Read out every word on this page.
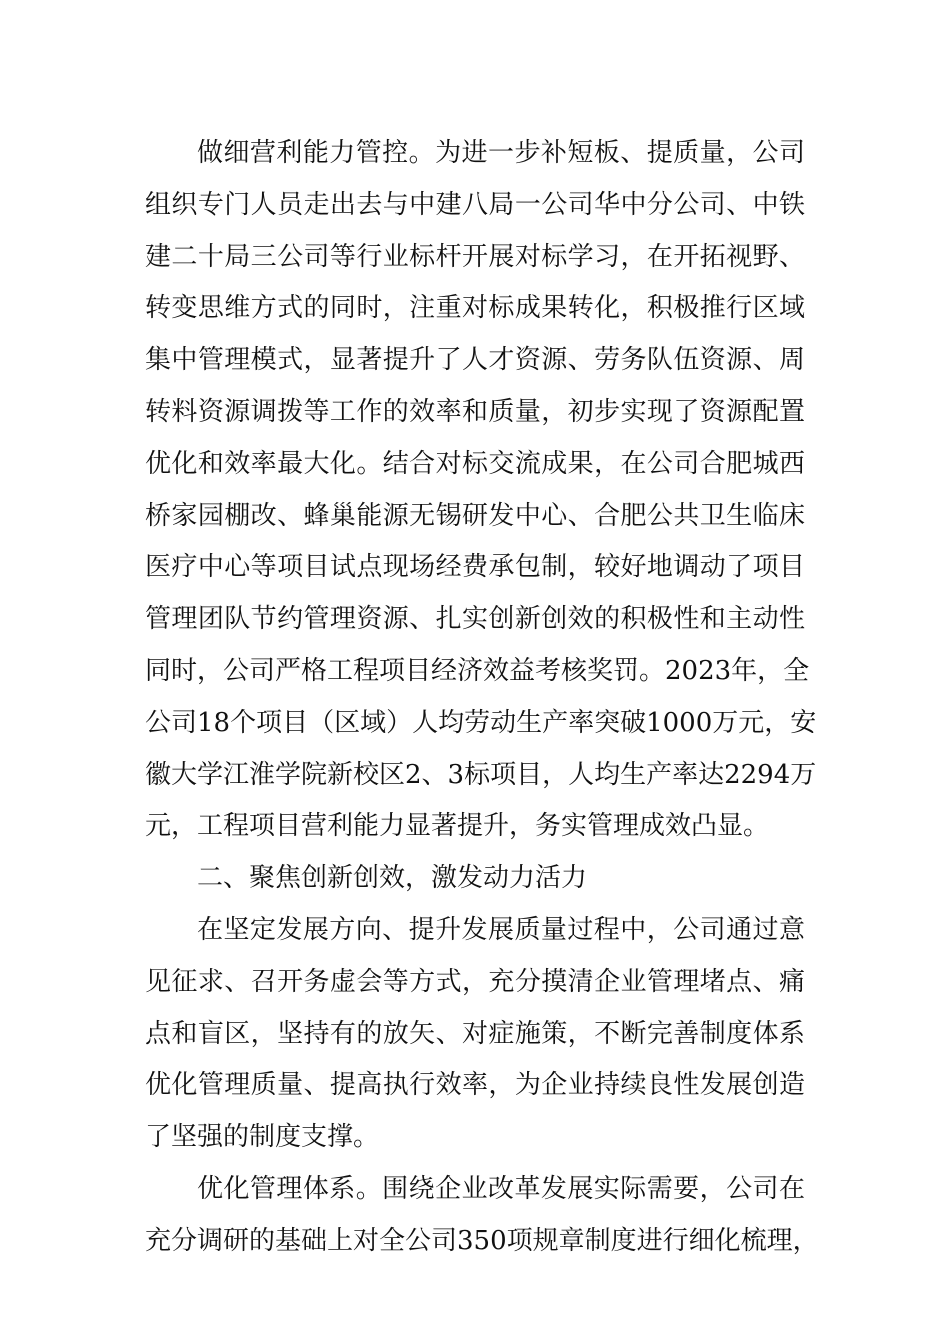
做细营利能力管控。为进一步补短板、提质量，公司
组织专门人员走出去与中建八局一公司华中分公司、中铁
建二十局三公司等行业标杆开展对标学习，在开拓视野、
转变思维方式的同时，注重对标成果转化，积极推行区域
集中管理模式，显著提升了人才资源、劳务队伍资源、周
转料资源调拨等工作的效率和质量，初步实现了资源配置
优化和效率最大化。结合对标交流成果，在公司合肥城西
桥家园棚改、蜂巢能源无锡研发中心、合肥公共卫生临床
医疗中心等项目试点现场经费承包制，较好地调动了项目
管理团队节约管理资源、扎实创新创效的积极性和主动性
同时，公司严格工程项目经济效益考核奖罚。2023年，全
公司18个项目（区域）人均劳动生产率突破1000万元，安
徽大学江淮学院新校区2、3标项目，人均生产率达2294万
元，工程项目营利能力显著提升，务实管理成效凸显。
二、聚焦创新创效，激发动力活力
在坚定发展方向、提升发展质量过程中，公司通过意
见征求、召开务虚会等方式，充分摸清企业管理堵点、痛
点和盲区，坚持有的放矢、对症施策，不断完善制度体系
优化管理质量、提高执行效率，为企业持续良性发展创造
了坚强的制度支撑。
优化管理体系。围绕企业改革发展实际需要，公司在
充分调研的基础上对全公司350项规章制度进行细化梳理，
